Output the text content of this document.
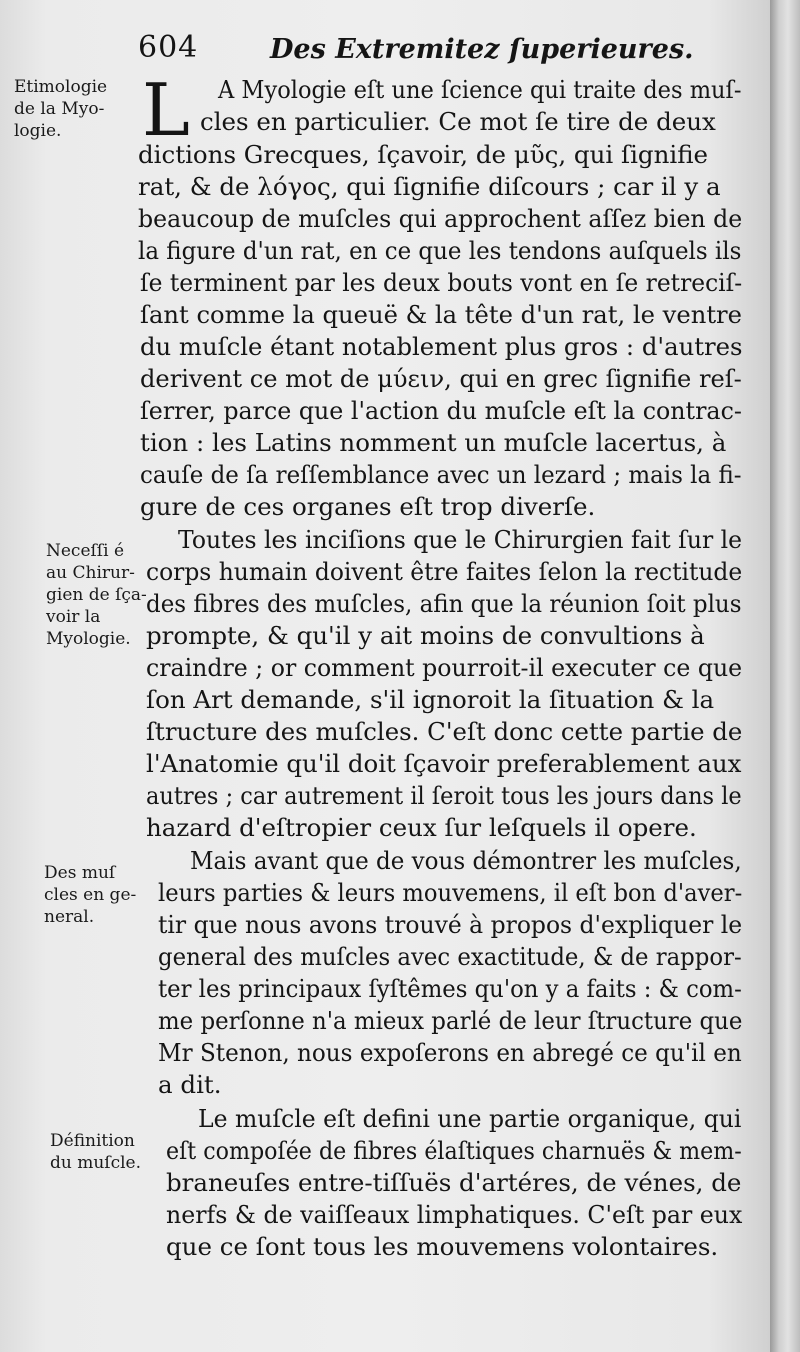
604	Des Extremitez ſuperieures.
Etimologie
de la Myo-
logie.
Neceſſi é
au Chirur-
gien de ſça-
voir la
Myologie.
Des muſ
cles en ge-
neral.
Définition
du muſcle.
L A Myologie eſt une ſcience qui traite des muſ-
cles en particulier. Ce mot ſe tire de deux
dictions Grecques, ſçavoir, de μῦς, qui ſignifie
rat, & de λόγος, qui ſignifie diſcours ; car il y a
beaucoup de muſcles qui approchent aſſez bien de
la figure d'un rat, en ce que les tendons auſquels ils
ſe terminent par les deux bouts vont en ſe retreciſ-
ſant comme la queuë & la tête d'un rat, le ventre
du muſcle étant notablement plus gros : d'autres
derivent ce mot de μύειν, qui en grec ſignifie reſ-
ſerrer, parce que l'action du muſcle eſt la contrac-
tion : les Latins nomment un muſcle lacertus, à
cauſe de ſa reſſemblance avec un lezard ; mais la fi-
gure de ces organes eſt trop diverſe.
Toutes les inciſions que le Chirurgien fait ſur le
corps humain doivent être faites ſelon la rectitude
des fibres des muſcles, afin que la réunion ſoit plus
prompte, & qu'il y ait moins de convultions à
craindre ; or comment pourroit-il executer ce que
ſon Art demande, s'il ignoroit la ſituation & la
ſtructure des muſcles. C'eſt donc cette partie de
l'Anatomie qu'il doit ſçavoir preferablement aux
autres ; car autrement il ſeroit tous les jours dans le
hazard d'eſtropier ceux ſur leſquels il opere.
Mais avant que de vous démontrer les muſcles,
leurs parties & leurs mouvemens, il eſt bon d'aver-
tir que nous avons trouvé à propos d'expliquer le
general des muſcles avec exactitude, & de rappor-
ter les principaux ſyſtêmes qu'on y a faits : & com-
me perſonne n'a mieux parlé de leur ſtructure que
Mr Stenon, nous expoſerons en abregé ce qu'il en
a dit.
Le muſcle eſt defini une partie organique, qui
eſt compoſée de fibres élaſtiques charnuës & mem-
braneuſes entre-tiſſuës d'artéres, de vénes, de
nerfs & de vaiſſeaux limphatiques. C'eſt par eux
que ce ſont tous les mouvemens volontaires.
